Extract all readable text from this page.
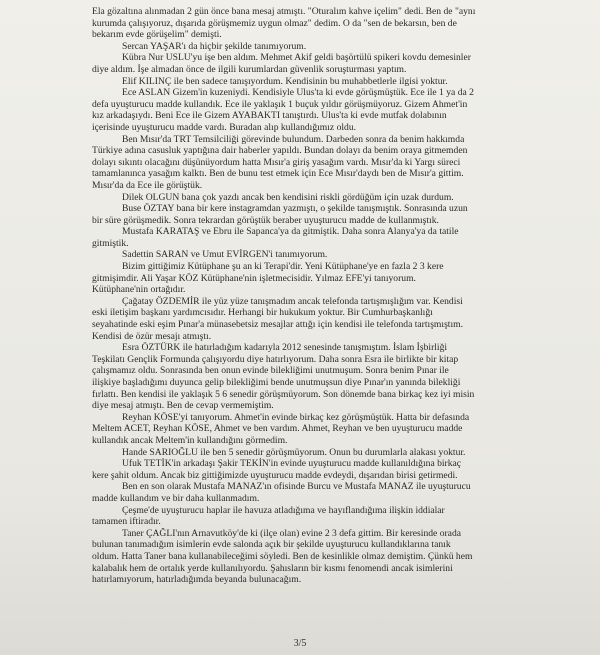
Ela gözaltına alınmadan 2 gün önce bana mesaj atmıştı. "Oturalım kahve içelim" dedi. Ben de "aynı
kurumda çalışıyoruz, dışarıda görüşmemiz uygun olmaz" dedim. O da "sen de bekarsın, ben de
bekarım evde görüşelim" demişti.
Sercan YAŞAR'ı da hiçbir şekilde tanımıyorum.
Kübra Nur USLU'yu işe ben aldım. Mehmet Akif geldi başörtülü spikeri kovdu demesinler
diye aldım. İşe almadan önce de ilgili kurumlardan güvenlik soruşturması yaptım.
Elif KILINÇ ile ben sadece tanışıyordum. Kendisinin bu muhabbetlerle ilgisi yoktur.
Ece ASLAN Gizem'in kuzeniydi. Kendisiyle Ulus'ta ki evde görüşmüştük. Ece ile 1 ya da 2
defa uyuşturucu madde kullandık. Ece ile yaklaşık 1 buçuk yıldır görüşmüyoruz. Gizem Ahmet'in
kız arkadaşıydı. Beni Ece ile Gizem AYABAKTI tanıştırdı. Ulus'ta ki evde mutfak dolabının
içerisinde uyuşturucu madde vardı. Buradan alıp kullandığımız oldu.
Ben Mısır'da TRT Temsilciliği görevinde bulundum. Darbeden sonra da benim hakkımda
Türkiye adına casusluk yaptığına dair haberler yapıldı. Bundan dolayı da benim oraya gitmemden
dolayı sıkıntı olacağını düşünüyordum hatta Mısır'a giriş yasağım vardı. Mısır'da ki Yargı süreci
tamamlanınca yasağım kalktı. Ben de bunu test etmek için Ece Mısır'daydı ben de Mısır'a gittim.
Mısır'da da Ece ile görüştük.
Dilek OLGUN bana çok yazdı ancak ben kendisini riskli gördüğüm için uzak durdum.
Buse ÖZTAY bana bir kere instagramdan yazmıştı, o şekilde tanışmıştık. Sonrasında uzun
bir süre görüşmedik. Sonra tekrardan görüştük beraber uyuşturucu madde de kullanmıştık.
Mustafa KARATAŞ ve Ebru ile Sapanca'ya da gitmiştik. Daha sonra Alanya'ya da tatile
gitmiştik.
Sadettin SARAN ve Umut EVİRGEN'i tanımıyorum.
Bizim gittiğimiz Kütüphane şu an ki Terapi'dir. Yeni Kütüphane'ye en fazla 2 3 kere
gitmişimdir. Ali Yaşar KÖZ Kütüphane'nin işletmecisidir. Yılmaz EFE'yi tanıyorum.
Kütüphane'nin ortağıdır.
Çağatay ÖZDEMİR ile yüz yüze tanışmadım ancak telefonda tartışmışlığım var. Kendisi
eski iletişim başkanı yardımcısıdır. Herhangi bir hukukum yoktur. Bir Cumhurbaşkanlığı
seyahatinde eski eşim Pınar'a münasebetsiz mesajlar attığı için kendisi ile telefonda tartışmıştım.
Kendisi de özür mesajı atmıştı.
Esra ÖZTÜRK ile hatırladığım kadarıyla 2012 senesinde tanışmıştım. İslam İşbirliği
Teşkilatı Gençlik Formunda çalışıyordu diye hatırlıyorum. Daha sonra Esra ile birlikte bir kitap
çalışmamız oldu. Sonrasında ben onun evinde bilekliğimi unutmuşum. Sonra benim Pınar ile
ilişkiye başladığımı duyunca gelip bilekliğimi bende unutmuşsun diye Pınar'ın yanında bilekliği
fırlattı. Ben kendisi ile yaklaşık 5 6 senedir görüşmüyorum. Son dönemde bana birkaç kez iyi misin
diye mesaj atmıştı. Ben de cevap vermemiştim.
Reyhan KÖSE'yi tanıyorum. Ahmet'in evinde birkaç kez görüşmüştük. Hatta bir defasında
Meltem ACET, Reyhan KÖSE, Ahmet ve ben vardım. Ahmet, Reyhan ve ben uyuşturucu madde
kullandık ancak Meltem'in kullandığını görmedim.
Hande SARIOĞLU ile ben 5 senedir görüşmüyorum. Onun bu durumlarla alakası yoktur.
Ufuk TETİK'in arkadaşı Şakir TEKİN'in evinde uyuşturucu madde kullanıldığına birkaç
kere şahit oldum. Ancak biz gittiğimizde uyuşturucu madde evdeydi, dışarıdan birisi getirmedi.
Ben en son olarak Mustafa MANAZ'ın ofisinde Burcu ve Mustafa MANAZ ile uyuşturucu
madde kullandım ve bir daha kullanmadım.
Çeşme'de uyuşturucu haplar ile havuza atladığıma ve hayıflandığıma ilişkin iddialar
tamamen iftiradır.
Taner ÇAĞLI'nın Arnavutköy'de ki (ilçe olan) evine 2 3 defa gittim. Bir keresinde orada
bulunan tanımadığım isimlerin evde salonda açık bir şekilde uyuşturucu kullandıklarına tanık
oldum. Hatta Taner bana kullanabileceğimi söyledi. Ben de kesinlikle olmaz demiştim. Çünkü hem
kalabalık hem de ortalık yerde kullanılıyordu. Şahısların bir kısmı fenomendi ancak isimlerini
hatırlamıyorum, hatırladığımda beyanda bulunacağım.
3/5
